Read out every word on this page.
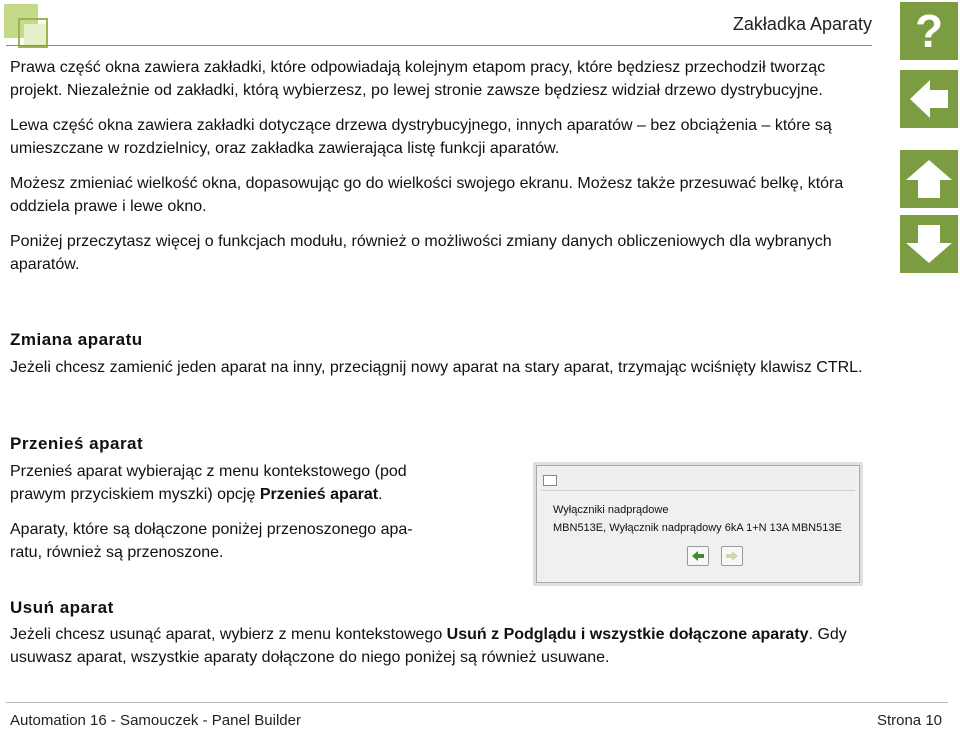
Zakładka Aparaty ?

Prawa część okna zawiera zakładki, które odpowiadają kolejnym etapom pracy, które będziesz przechodził tworząc projekt. Niezależnie od zakładki, którą wybierzesz, po lewej stronie zawsze będziesz widział drzewo dystrybucyjne.

Lewa część okna zawiera zakładki dotyczące drzewa dystrybucyjnego, innych aparatów – bez obciążenia – które są umieszczane w rozdzielnicy, oraz zakładka zawierająca listę funkcji aparatów.

Możesz zmieniać wielkość okna, dopasowując go do wielkości swojego ekranu. Możesz także przesuwać belkę, która oddziela prawe i lewe okno.

Poniżej przeczytasz więcej o funkcjach modułu, również o możliwości zmiany danych obliczeniowych dla wybranych aparatów.

Zmiana aparatu

Jeżeli chcesz zamienić jeden aparat na inny, przeciągnij nowy aparat na stary aparat, trzymając wciśnięty klawisz CTRL.

Przenieś aparat

Przenieś aparat wybierając z menu kontekstowego (pod
prawym przyciskiem myszki) opcję Przenieś aparat.

Aparaty, które są dołączone poniżej przenoszonego apa-
ratu, również są przenoszone.

Wyłączniki nadprądowe
MBN513E, Wyłącznik nadprądowy 6kA 1+N 13A MBN513E
Usuń aparat

Jeżeli chcesz usunąć aparat, wybierz z menu kontekstowego Usuń z Podglądu i wszystkie dołączone aparaty. Gdy usuwasz aparat, wszystkie aparaty dołączone do niego poniżej są również usuwane.

Automation 16 - Samouczek - Panel Builder	Strona 10
